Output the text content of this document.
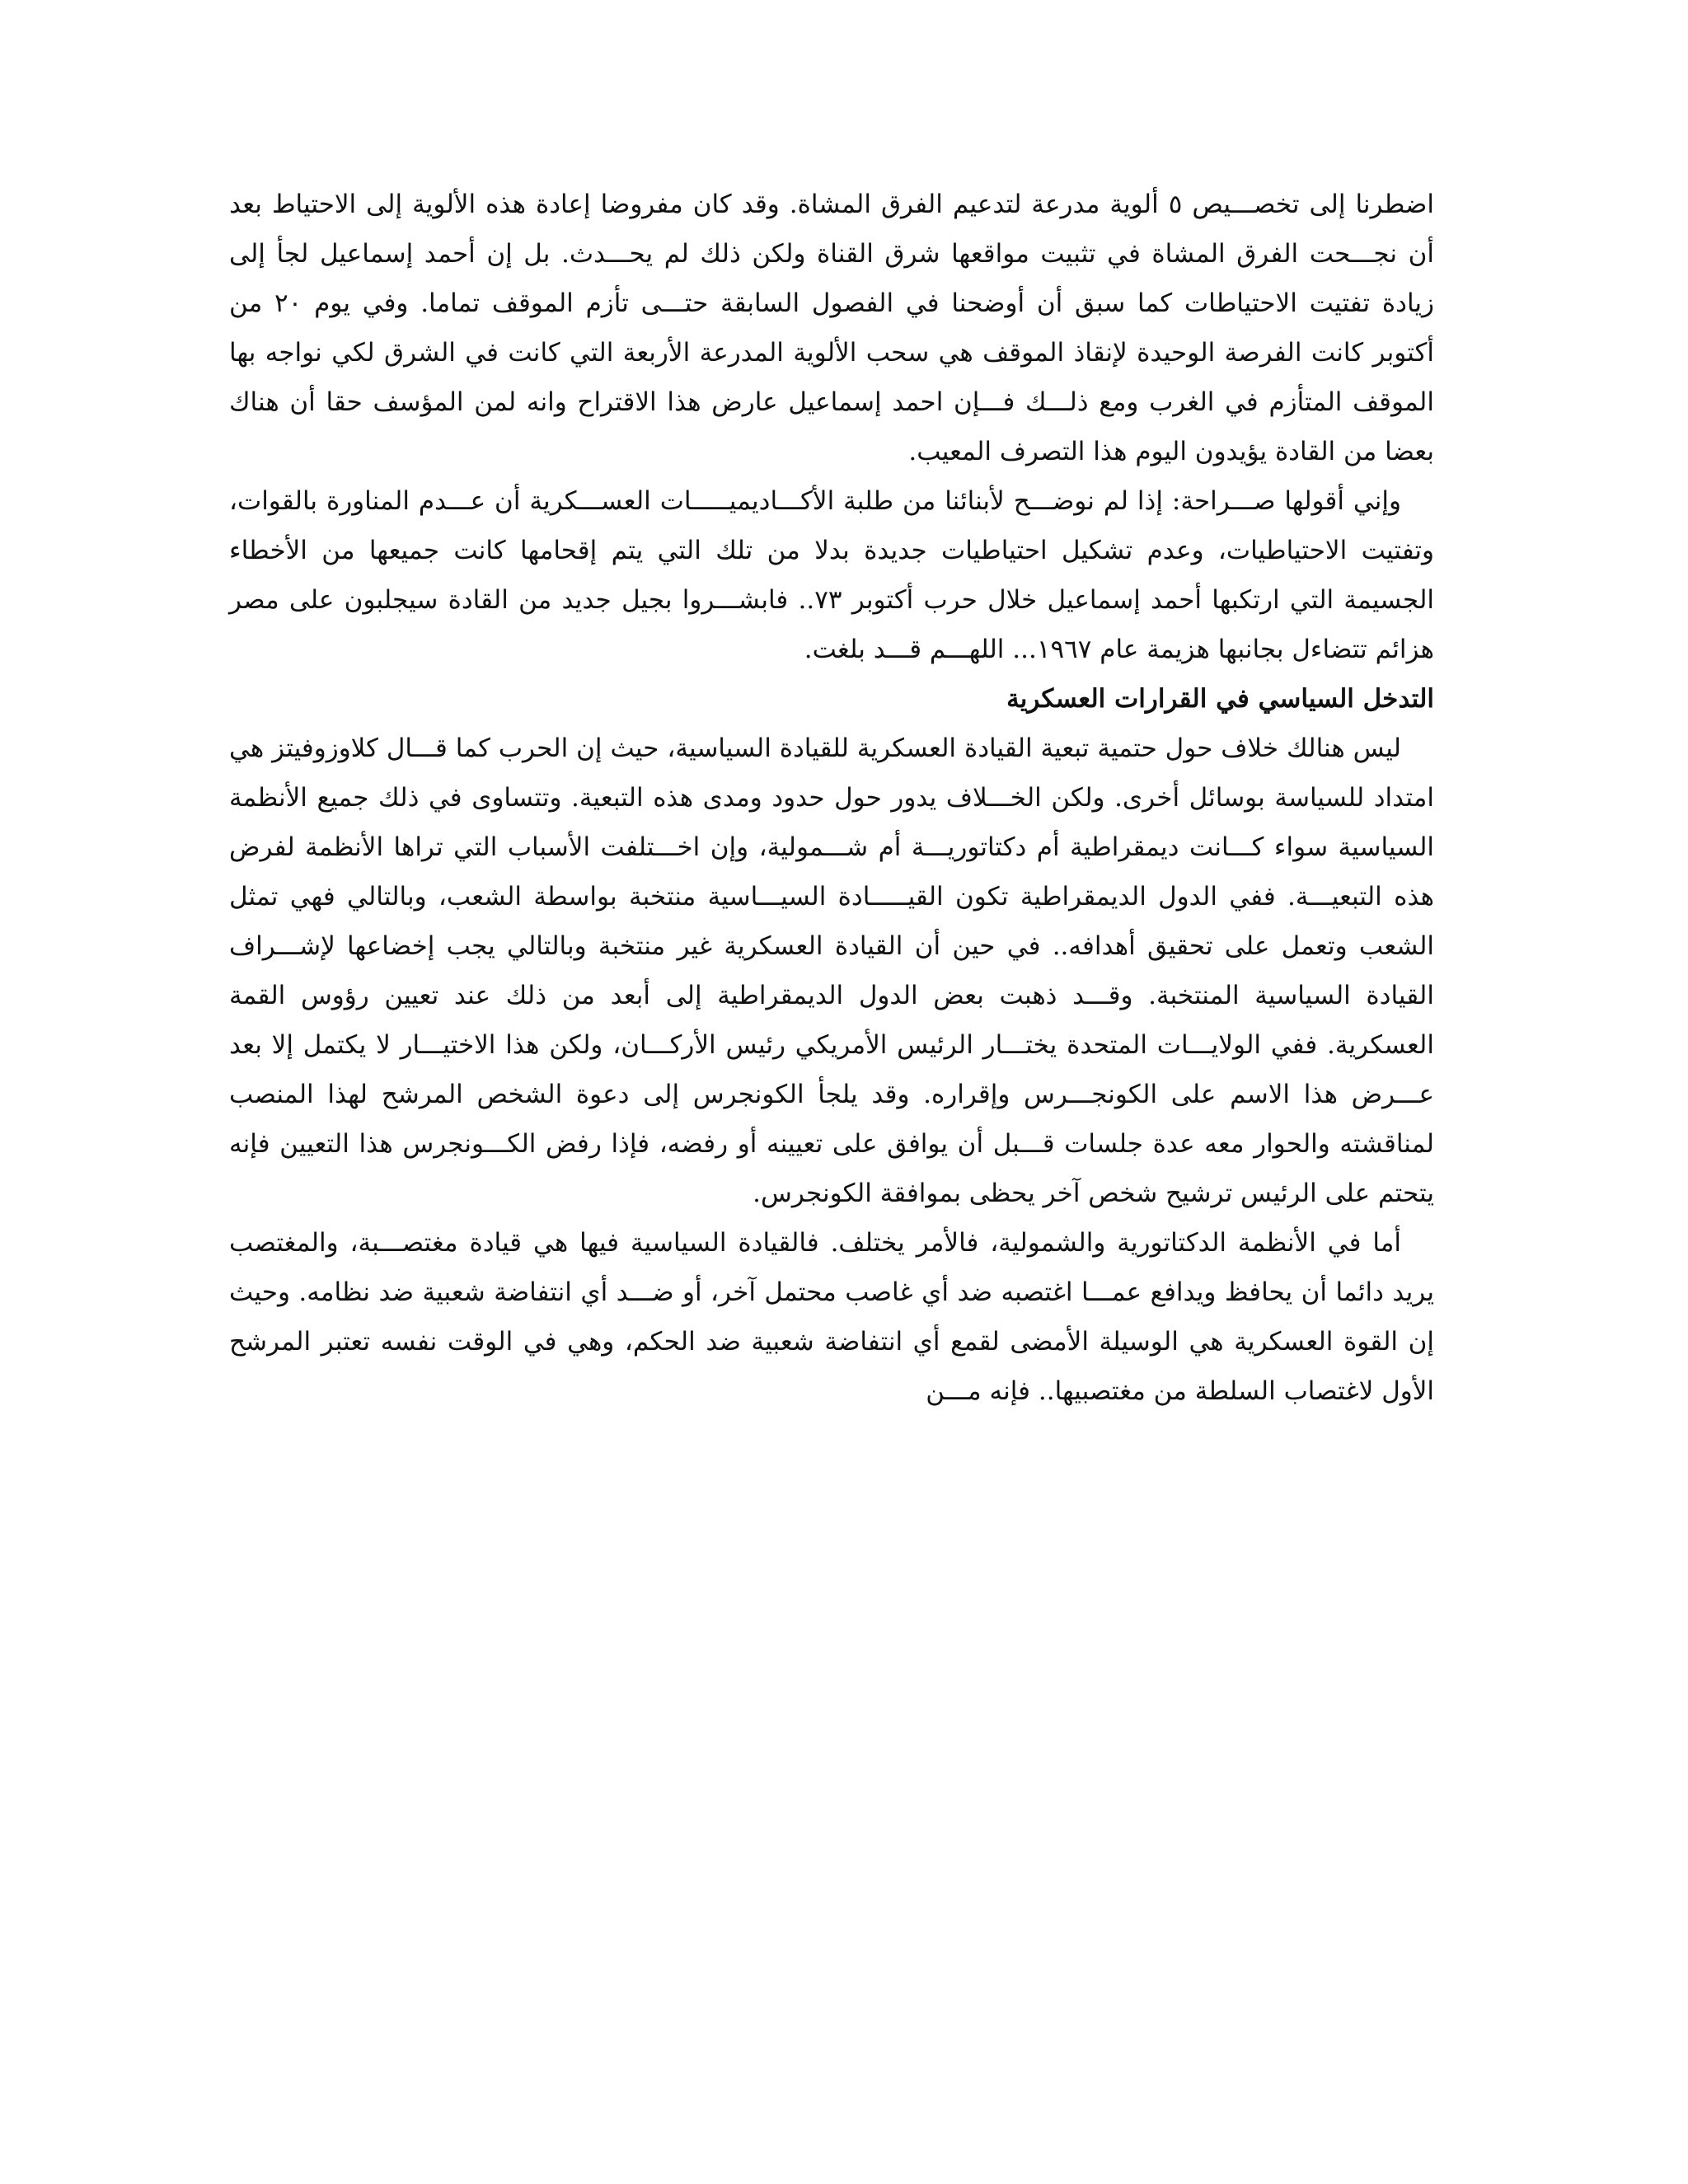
اضطرنا إلى تخصـــيص ٥ ألوية مدرعة لتدعيم الفرق المشاة. وقد كان مفروضا إعادة هذه الألوية إلى الاحتياط بعد أن نجـــحت الفرق المشاة في تثبيت مواقعها شرق القناة ولكن ذلك لم يحـــدث. بل إن أحمد إسماعيل لجأ إلى زيادة تفتيت الاحتياطات كما سبق أن أوضحنا في الفصول السابقة حتـــى تأزم الموقف تماما. وفي يوم ٢٠ من أكتوبر كانت الفرصة الوحيدة لإنقاذ الموقف هي سحب الألوية المدرعة الأربعة التي كانت في الشرق لكي نواجه بها الموقف المتأزم في الغرب ومع ذلـــك فـــإن احمد إسماعيل عارض هذا الاقتراح وانه لمن المؤسف حقا أن هناك بعضا من القادة يؤيدون اليوم هذا التصرف المعيب.

وإني أقولها صـــراحة: إذا لم نوضـــح لأبنائنا من طلبة الأكـــاديميـــــات العســـكرية أن عـــدم المناورة بالقوات، وتفتيت الاحتياطيات، وعدم تشكيل احتياطيات جديدة بدلا من تلك التي يتم إقحامها كانت جميعها من الأخطاء الجسيمة التي ارتكبها أحمد إسماعيل خلال حرب أكتوبر ٧٣.. فابشـــروا بجيل جديد من القادة سيجلبون على مصر هزائم تتضاءل بجانبها هزيمة عام ١٩٦٧... اللهـــم قـــد بلغت.

التدخل السياسي في القرارات العسكرية

ليس هنالك خلاف حول حتمية تبعية القيادة العسكرية للقيادة السياسية، حيث إن الحرب كما قـــال كلاوزوفيتز هي امتداد للسياسة بوسائل أخرى. ولكن الخـــلاف يدور حول حدود ومدى هذه التبعية. وتتساوى في ذلك جميع الأنظمة السياسية سواء كـــانت ديمقراطية أم دكتاتوريـــة أم شـــمولية، وإن اخـــتلفت الأسباب التي تراها الأنظمة لفرض هذه التبعيـــة. ففي الدول الديمقراطية تكون القيـــــادة السيـــاسية منتخبة بواسطة الشعب، وبالتالي فهي تمثل الشعب وتعمل على تحقيق أهدافه.. في حين أن القيادة العسكرية غير منتخبة وبالتالي يجب إخضاعها لإشـــراف القيادة السياسية المنتخبة. وقـــد ذهبت بعض الدول الديمقراطية إلى أبعد من ذلك عند تعيين رؤوس القمة العسكرية. ففي الولايـــات المتحدة يختـــار الرئيس الأمريكي رئيس الأركـــان، ولكن هذا الاختيـــار لا يكتمل إلا بعد عـــرض هذا الاسم على الكونجـــرس وإقراره. وقد يلجأ الكونجرس إلى دعوة الشخص المرشح لهذا المنصب لمناقشته والحوار معه عدة جلسات قـــبل أن يوافق على تعيينه أو رفضه، فإذا رفض الكـــونجرس هذا التعيين فإنه يتحتم على الرئيس ترشيح شخص آخر يحظى بموافقة الكونجرس.

أما في الأنظمة الدكتاتورية والشمولية، فالأمر يختلف. فالقيادة السياسية فيها هي قيادة مغتصـــبة، والمغتصب يريد دائما أن يحافظ ويدافع عمـــا اغتصبه ضد أي غاصب محتمل آخر، أو ضـــد أي انتفاضة شعبية ضد نظامه. وحيث إن القوة العسكرية هي الوسيلة الأمضى لقمع أي انتفاضة شعبية ضد الحكم، وهي في الوقت نفسه تعتبر المرشح الأول لاغتصاب السلطة من مغتصبيها.. فإنه مـــن
